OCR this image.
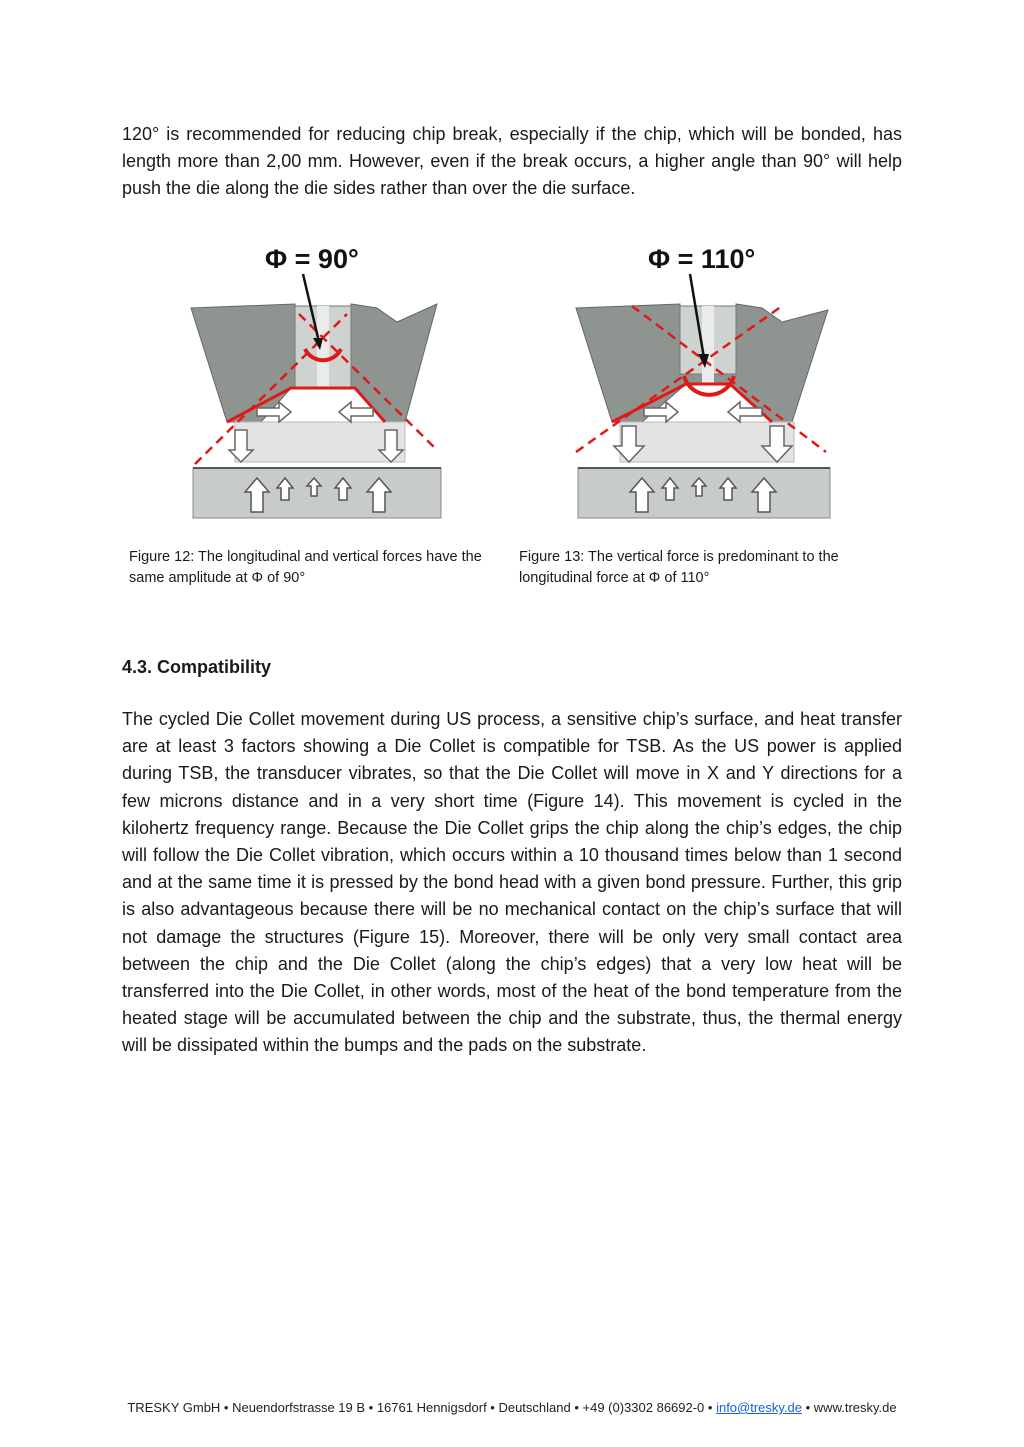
120° is recommended for reducing chip break, especially if the chip, which will be bonded, has length more than 2,00 mm. However, even if the break occurs, a higher angle than 90° will help push the die along the die sides rather than over the die surface.

Φ = 90°	Φ = 110°

Figure 12: The longitudinal and vertical forces have the same amplitude at Φ of 90°

Figure 13: The vertical force is predominant to the longitudinal force at Φ of 110°

4.3. Compatibility

The cycled Die Collet movement during US process, a sensitive chip’s surface, and heat transfer are at least 3 factors showing a Die Collet is compatible for TSB. As the US power is applied during TSB, the transducer vibrates, so that the Die Collet will move in X and Y directions for a few microns distance and in a very short time (Figure 14). This movement is cycled in the kilohertz frequency range. Because the Die Collet grips the chip along the chip’s edges, the chip will follow the Die Collet vibration, which occurs within a 10 thousand times below than 1 second and at the same time it is pressed by the bond head with a given bond pressure. Further, this grip is also advantageous because there will be no mechanical contact on the chip’s surface that will not damage the structures (Figure 15). Moreover, there will be only very small contact area between the chip and the Die Collet (along the chip’s edges) that a very low heat will be transferred into the Die Collet, in other words, most of the heat of the bond temperature from the heated stage will be accumulated between the chip and the substrate, thus, the thermal energy will be dissipated within the bumps and the pads on the substrate.

TRESKY GmbH • Neuendorfstrasse 19 B • 16761 Hennigsdorf • Deutschland • +49 (0)3302 86692-0 • info@tresky.de • www.tresky.de
